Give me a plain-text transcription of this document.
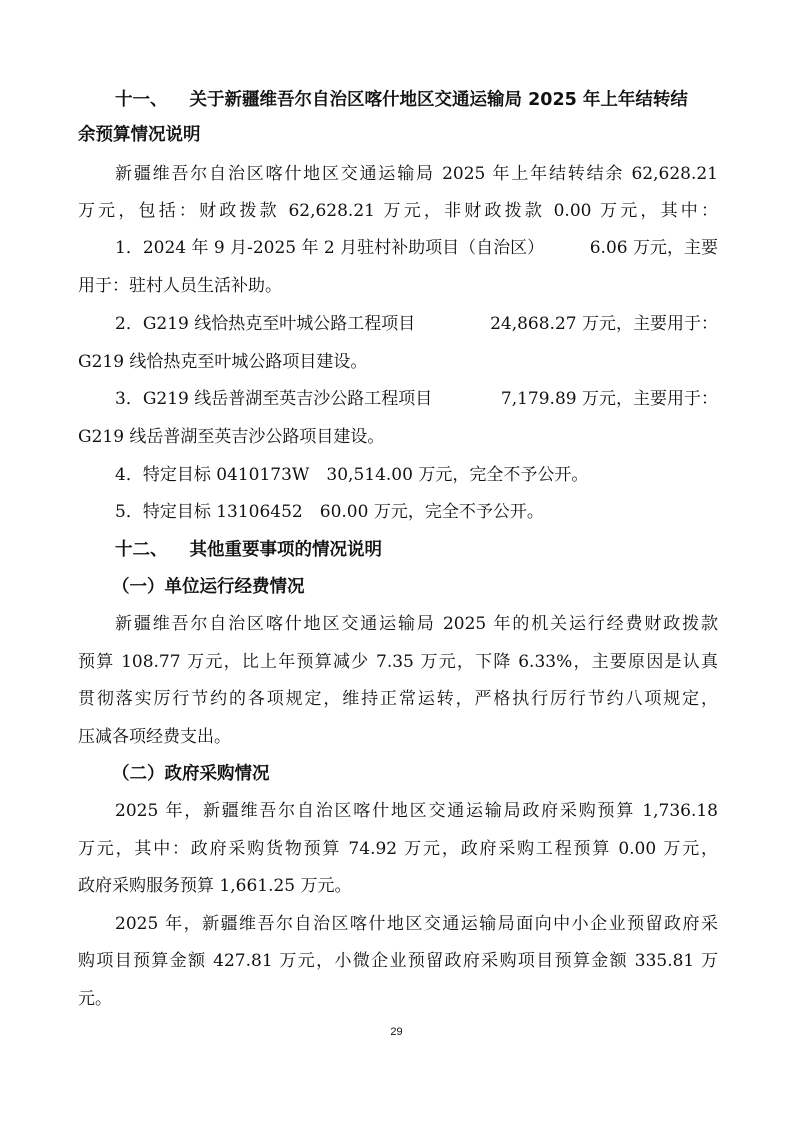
十一、 关于新疆维吾尔自治区喀什地区交通运输局 2025 年上年结转结
余预算情况说明
新疆维吾尔自治区喀什地区交通运输局 2025 年上年结转结余 62,628.21
万元，包括：财政拨款 62,628.21 万元，非财政拨款 0.00 万元，其中：
1．2024 年 9 月-2025 年 2 月驻村补助项目（自治区）	6.06 万元，主要
用于：驻村人员生活补助。
2．G219 线恰热克至叶城公路工程项目	24,868.27 万元，主要用于：
G219 线恰热克至叶城公路项目建设。
3．G219 线岳普湖至英吉沙公路工程项目	7,179.89 万元，主要用于：
G219 线岳普湖至英吉沙公路项目建设。
4．特定目标 0410173W　30,514.00 万元，完全不予公开。
5．特定目标 13106452　60.00 万元，完全不予公开。
十二、 其他重要事项的情况说明
（一）单位运行经费情况
新疆维吾尔自治区喀什地区交通运输局 2025 年的机关运行经费财政拨款
预算 108.77 万元，比上年预算减少 7.35 万元，下降 6.33%，主要原因是认真
贯彻落实厉行节约的各项规定，维持正常运转，严格执行厉行节约八项规定，
压减各项经费支出。
（二）政府采购情况
2025 年，新疆维吾尔自治区喀什地区交通运输局政府采购预算 1,736.18
万元，其中：政府采购货物预算 74.92 万元，政府采购工程预算 0.00 万元，
政府采购服务预算 1,661.25 万元。
2025 年，新疆维吾尔自治区喀什地区交通运输局面向中小企业预留政府采
购项目预算金额 427.81 万元，小微企业预留政府采购项目预算金额 335.81 万
元。
29
